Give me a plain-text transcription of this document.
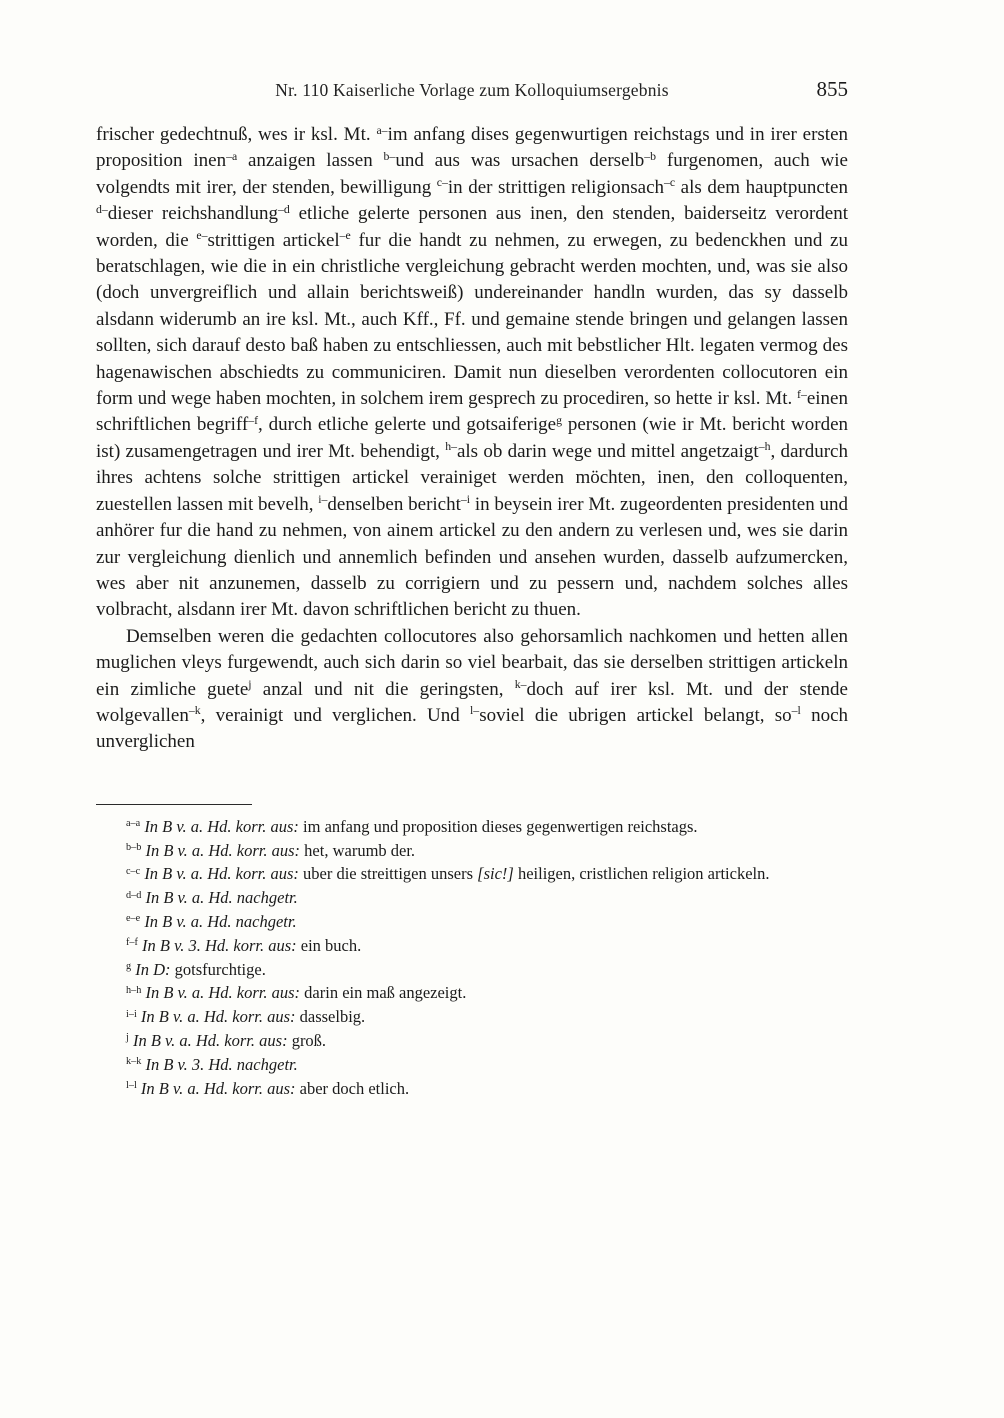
Nr. 110 Kaiserliche Vorlage zum Kolloquiumsergebnis	855

frischer gedechtnuß, wes ir ksl. Mt. $^{a-}$im anfang dises gegenwurtigen reichstags und in irer ersten proposition inen$^{-a}$ anzaigen lassen $^{b-}$und aus was ursachen derselb$^{-b}$ furgenomen, auch wie volgendts mit irer, der stenden, bewilligung $^{c-}$in der strittigen religionsach$^{-c}$ als dem hauptpuncten $^{d-}$dieser reichshandlung$^{-d}$ etliche gelerte personen aus inen, den stenden, baiderseitz verordent worden, die $^{e-}$strittigen artickel$^{-e}$ fur die handt zu nehmen, zu erwegen, zu bedenckhen und zu beratschlagen, wie die in ein christliche vergleichung gebracht werden mochten, und, was sie also (doch unvergreiflich und allain berichtsweiß) undereinander handln wurden, das sy dasselb alsdann widerumb an ire ksl. Mt., auch Kff., Ff. und gemaine stende bringen und gelangen lassen sollten, sich darauf desto baß haben zu entschliessen, auch mit bebstlicher Hlt. legaten vermog des hagenawischen abschiedts zu communiciren. Damit nun dieselben verordenten collocutoren ein form und wege haben mochten, in solchem irem gesprech zu procediren, so hette ir ksl. Mt. $^{f-}$einen schriftlichen begriff$^{-f}$, durch etliche gelerte und gotsaiferige$^g$ personen (wie ir Mt. bericht worden ist) zusamengetragen und irer Mt. behendigt, $^{h-}$als ob darin wege und mittel angetzaigt$^{-h}$, dardurch ihres achtens solche strittigen artickel verainiget werden möchten, inen, den colloquenten, zuestellen lassen mit bevelh, $^{i-}$denselben bericht$^{-i}$ in beysein irer Mt. zugeordenten presidenten und anhörer fur die hand zu nehmen, von ainem artickel zu den andern zu verlesen und, wes sie darin zur vergleichung dienlich und annemlich befinden und ansehen wurden, dasselb aufzumercken, wes aber nit anzunemen, dasselb zu corrigiern und zu pessern und, nachdem solches alles volbracht, alsdann irer Mt. davon schriftlichen bericht zu thuen.

Demselben weren die gedachten collocutores also gehorsamlich nachkomen und hetten allen muglichen vleys furgewendt, auch sich darin so viel bearbait, das sie derselben strittigen artickeln ein zimliche guete$^j$ anzal und nit die geringsten, $^{k-}$doch auf irer ksl. Mt. und der stende wolgevallen$^{-k}$, verainigt und verglichen. Und $^{l-}$soviel die ubrigen artickel belangt, $so^{-l}$ noch unverglichen

$^{a-a}$ In B v. a. Hd. korr. aus: im anfang und proposition dieses gegenwertigen reichstags.

$^{b-b}$ In B v. a. Hd. korr. aus: het, warumb der.

$^{c-c}$ In B v. a. Hd. korr. aus: uber die streittigen unsers [sic!] heiligen, cristlichen religion artickeln.

$^{d-d}$ In B v. a. Hd. nachgetr.

$^{e-e}$ In B v. a. Hd. nachgetr.

$^{f-f}$ In B v. 3. Hd. korr. aus: ein buch.

$^g$ In D: gotsfurchtige.

$^{h-h}$ In B v. a. Hd. korr. aus: darin ein maß angezeigt.

$^{i-i}$ In B v. a. Hd. korr. aus: dasselbig.

$^j$ In B v. a. Hd. korr. aus: groß.

$^{k-k}$ In B v. 3. Hd. nachgetr.

$^{l-l}$ In B v. a. Hd. korr. aus: aber doch etlich.
